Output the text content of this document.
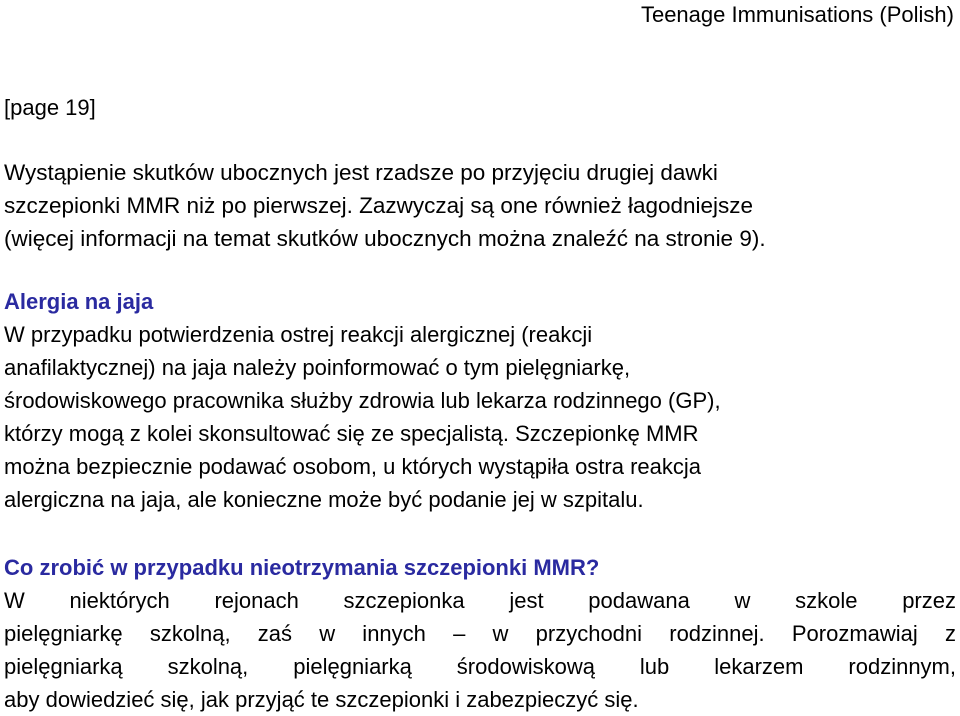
Teenage Immunisations (Polish)
[page 19]
Wystąpienie skutków ubocznych jest rzadsze po przyjęciu drugiej dawki
szczepionki MMR niż po pierwszej. Zazwyczaj są one również łagodniejsze
(więcej informacji na temat skutków ubocznych można znaleźć na stronie 9).
Alergia na jaja
W przypadku potwierdzenia ostrej reakcji alergicznej (reakcji
anafilaktycznej) na jaja należy poinformować o tym pielęgniarkę,
środowiskowego pracownika służby zdrowia lub lekarza rodzinnego (GP),
którzy mogą z kolei skonsultować się ze specjalistą. Szczepionkę MMR
można bezpiecznie podawać osobom, u których wystąpiła ostra reakcja
alergiczna na jaja, ale konieczne może być podanie jej w szpitalu.
Co zrobić w przypadku nieotrzymania szczepionki MMR?
W niektórych rejonach szczepionka jest podawana w szkole przez
pielęgniarkę szkolną, zaś w innych – w przychodni rodzinnej. Porozmawiaj z
pielęgniarką szkolną, pielęgniarką środowiskową lub lekarzem rodzinnym,
aby dowiedzieć się, jak przyjąć te szczepionki i zabezpieczyć się.
